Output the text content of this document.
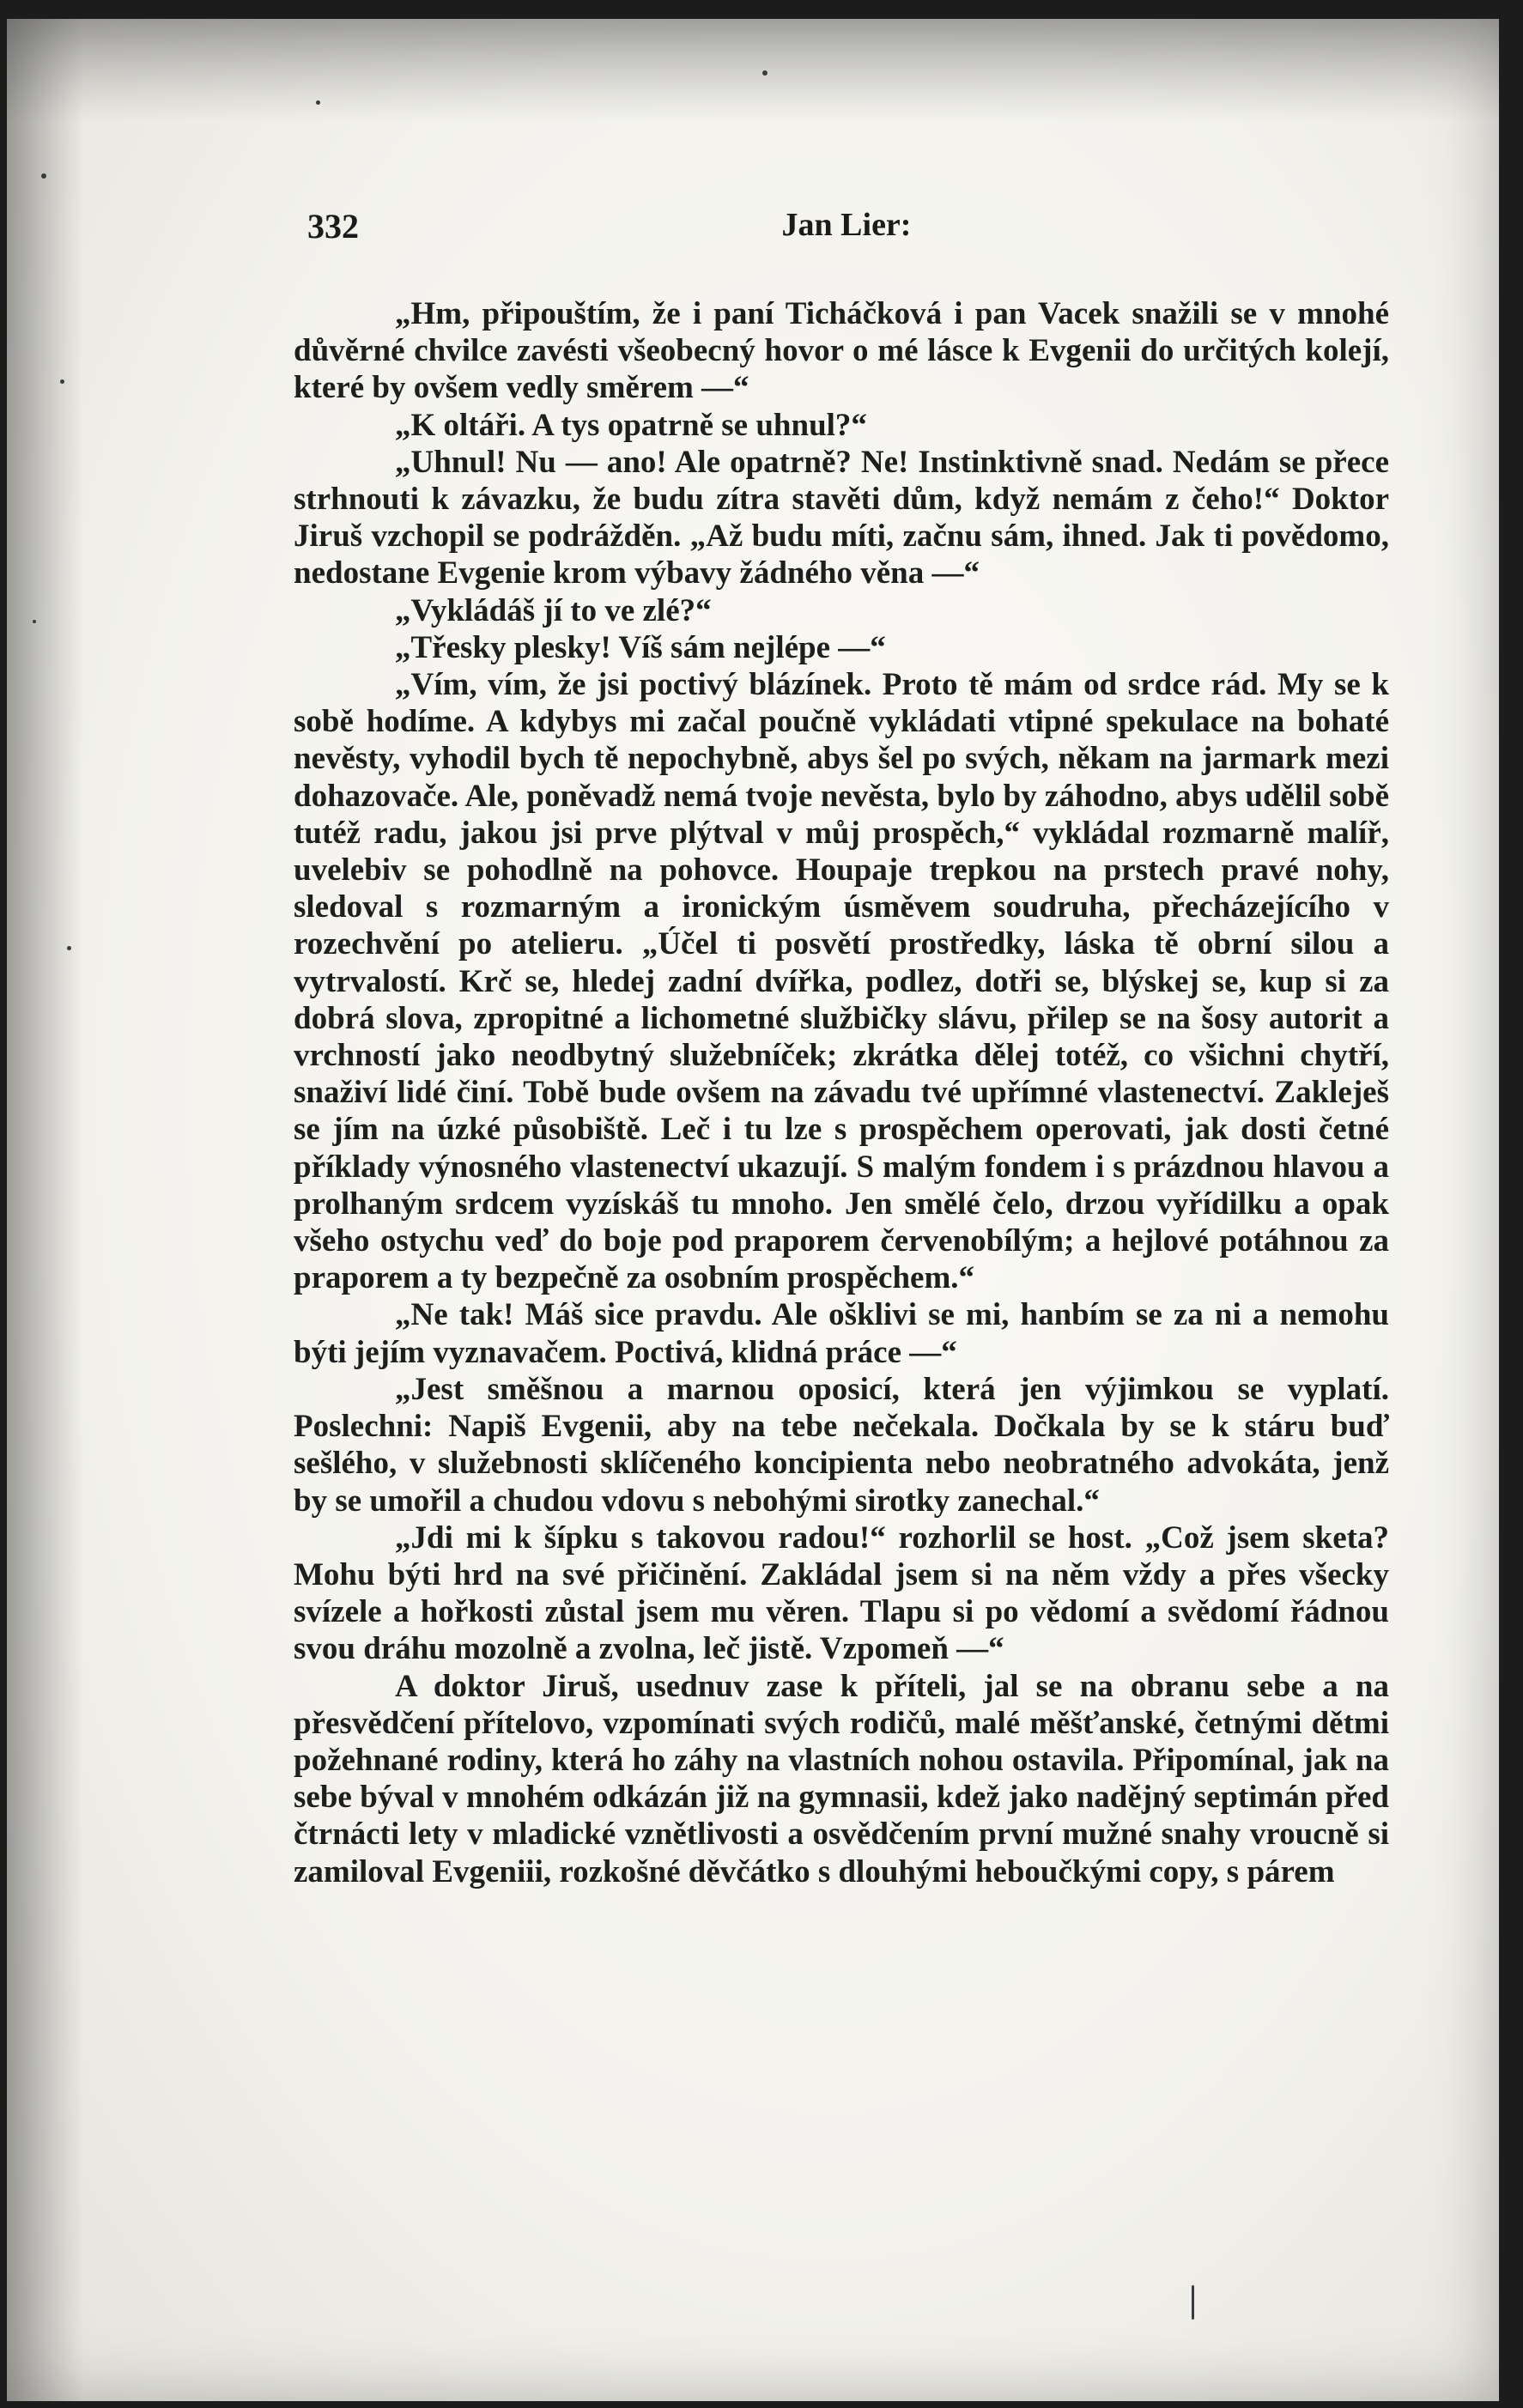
332	Jan Lier:

„Hm, připouštím, že i paní Ticháčková i pan Vacek snažili se v mnohé důvěrné chvilce zavésti všeobecný hovor o mé lásce k Evgenii do určitých kolejí, které by ovšem vedly směrem —“

„K oltáři. A tys opatrně se uhnul?“

„Uhnul! Nu — ano! Ale opatrně? Ne! Instinktivně snad. Nedám se přece strhnouti k závazku, že budu zítra stavěti dům, když nemám z čeho!“ Doktor Jiruš vzchopil se podrážděn. „Až budu míti, začnu sám, ihned. Jak ti povědomo, nedostane Evgenie krom výbavy žádného věna —“

„Vykládáš jí to ve zlé?“

„Třesky plesky! Víš sám nejlépe —“

„Vím, vím, že jsi poctivý blázínek. Proto tě mám od srdce rád. My se k sobě hodíme. A kdybys mi začal poučně vykládati vtipné spekulace na bohaté nevěsty, vyhodil bych tě nepochybně, abys šel po svých, někam na jarmark mezi dohazovače. Ale, poněvadž nemá tvoje nevěsta, bylo by záhodno, abys udělil sobě tutéž radu, jakou jsi prve plýtval v můj prospěch,“ vykládal rozmarně malíř, uvelebiv se pohodlně na pohovce. Houpaje trepkou na prstech pravé nohy, sledoval s rozmarným a ironickým úsměvem soudruha, přecházejícího v rozechvění po atelieru. „Účel ti posvětí prostředky, láska tě obrní silou a vytrvalostí. Krč se, hledej zadní dvířka, podlez, dotři se, blýskej se, kup si za dobrá slova, zpropitné a lichometné službičky slávu, přilep se na šosy autorit a vrchností jako neodbytný služebníček; zkrátka dělej totéž, co všichni chytří, snaživí lidé činí. Tobě bude ovšem na závadu tvé upřímné vlastenectví. Zakleješ se jím na úzké působiště. Leč i tu lze s prospěchem operovati, jak dosti četné příklady výnosného vlastenectví ukazují. S malým fondem i s prázdnou hlavou a prolhaným srdcem vyzískáš tu mnoho. Jen smělé čelo, drzou vyřídilku a opak všeho ostychu veď do boje pod praporem červenobílým; a hejlové potáhnou za praporem a ty bezpečně za osobním prospěchem.“

„Ne tak! Máš sice pravdu. Ale ošklivi se mi, hanbím se za ni a nemohu býti jejím vyznavačem. Poctivá, klidná práce —“

„Jest směšnou a marnou oposicí, která jen výjimkou se vyplatí. Poslechni: Napiš Evgenii, aby na tebe nečekala. Dočkala by se k stáru buď sešlého, v služebnosti sklíčeného koncipienta nebo neobratného advokáta, jenž by se umořil a chudou vdovu s nebohými sirotky zanechal.“

„Jdi mi k šípku s takovou radou!“ rozhorlil se host. „Což jsem sketa? Mohu býti hrd na své přičinění. Zakládal jsem si na něm vždy a přes všecky svízele a hořkosti zůstal jsem mu věren. Tlapu si po vědomí a svědomí řádnou svou dráhu mozolně a zvolna, leč jistě. Vzpomeň —“

A doktor Jiruš, usednuv zase k příteli, jal se na obranu sebe a na přesvědčení přítelovo, vzpomínati svých rodičů, malé měšťanské, četnými dětmi požehnané rodiny, která ho záhy na vlastních nohou ostavila. Připomínal, jak na sebe býval v mnohém odkázán již na gymnasii, kdež jako nadějný septimán před čtrnácti lety v mladické vznětlivosti a osvědčením první mužné snahy vroucně si zamiloval Evgeniii, rozkošné děvčátko s dlouhými heboučkými copy, s párem
